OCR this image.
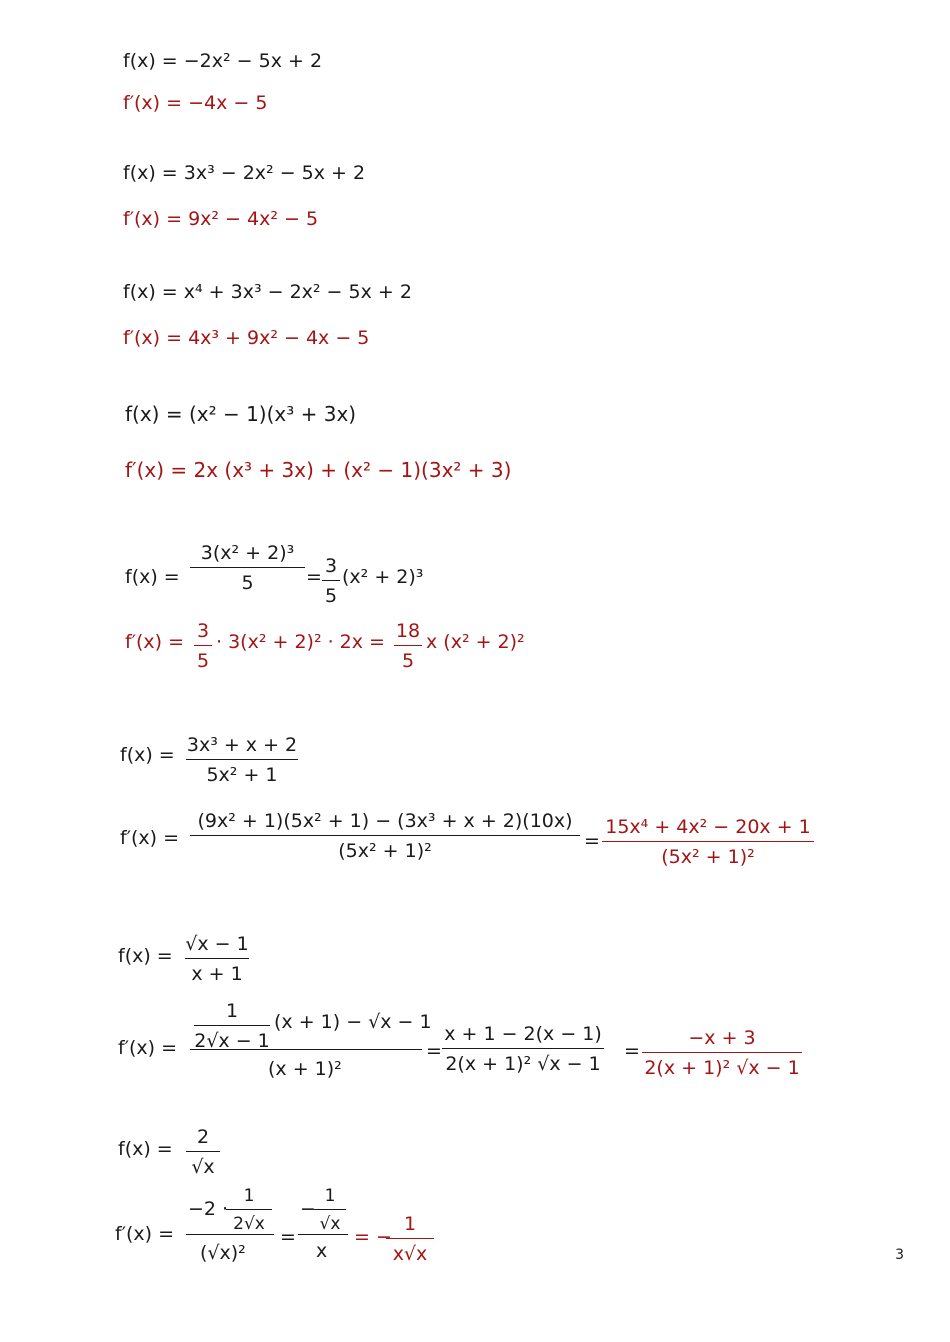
f(x) = −2x² − 5x + 2
f′(x) = −4x − 5
f(x) = 3x³ − 2x² − 5x + 2
f′(x) = 9x² − 4x² − 5
f(x) = x⁴ + 3x³ − 2x² − 5x + 2
f′(x) = 4x³ + 9x² − 4x − 5
f(x) = (x² − 1)(x³ + 3x)
f′(x) = 2x (x³ + 3x) + (x² − 1)(3x² + 3)
f(x) =
3(x² + 2)³
5	= 3
5
(x² + 2)³
f′(x) = 3
5
· 3(x² + 2)² · 2x = 18
5
x (x² + 2)²
f(x) = 3x³ + x + 2
5x² + 1
f′(x) =
(9x² + 1)(5x² + 1) − (3x³ + x + 2)(10x)
(5x² + 1)²	=
15x⁴ + 4x² − 20x + 1
(5x² + 1)²
f(x) =
√x − 1
x + 1
f′(x) =
1
2√x − 1
(x + 1) − √x − 1
(x + 1)²
=
x + 1 − 2(x − 1)
2(x + 1)² √x − 1
=
−x + 3
2(x + 1)² √x − 1
f(x) =
2
√x
f′(x) =
−2 ·
1
2√x
(√x)²
=
−
1
√x
x
= −
1
x√x	3
